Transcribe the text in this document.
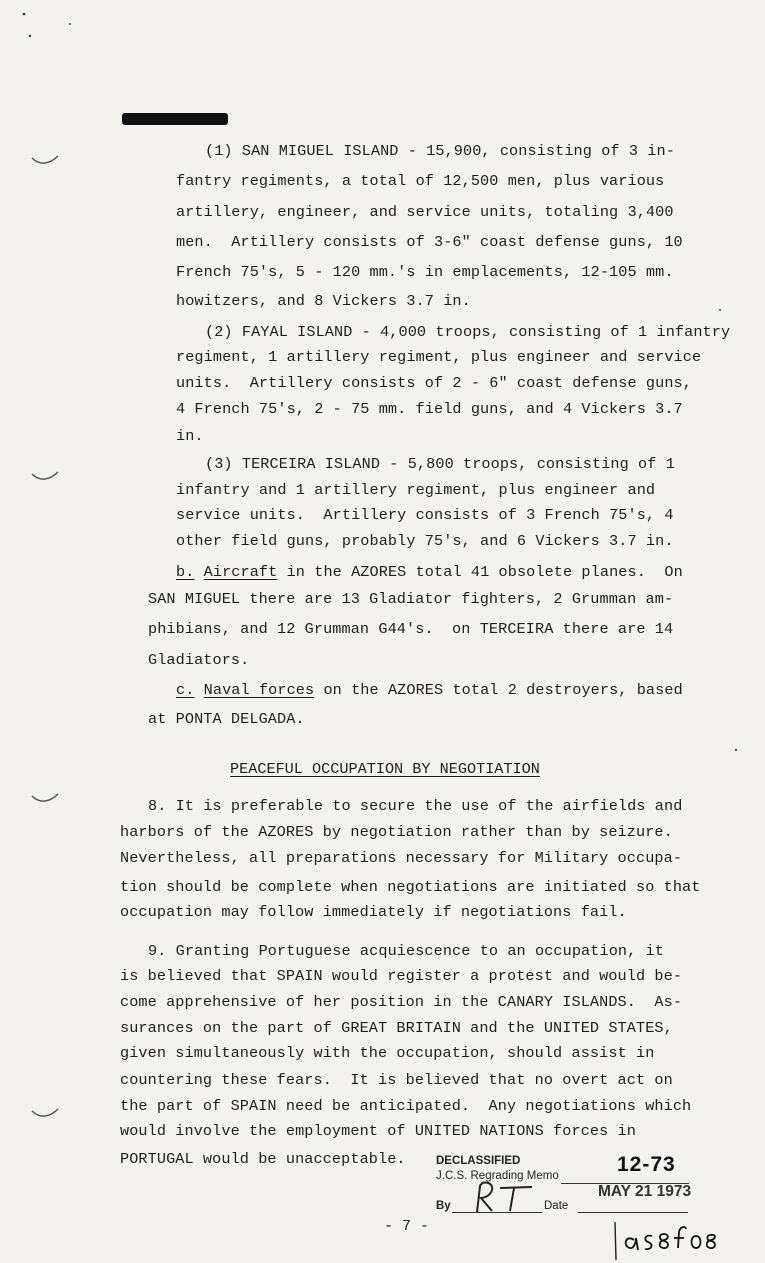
(1) SAN MIGUEL ISLAND - 15,900, consisting of 3 in-
fantry regiments, a total of 12,500 men, plus various
artillery, engineer, and service units, totaling 3,400
men.  Artillery consists of 3-6" coast defense guns, 10
French 75's, 5 - 120 mm.'s in emplacements, 12-105 mm.
howitzers, and 8 Vickers 3.7 in.
(2) FAYAL ISLAND - 4,000 troops, consisting of 1 infantry
regiment, 1 artillery regiment, plus engineer and service
units.  Artillery consists of 2 - 6" coast defense guns,
4 French 75's, 2 - 75 mm. field guns, and 4 Vickers 3.7
in.
(3) TERCEIRA ISLAND - 5,800 troops, consisting of 1
infantry and 1 artillery regiment, plus engineer and
service units.  Artillery consists of 3 French 75's, 4
other field guns, probably 75's, and 6 Vickers 3.7 in.
b. Aircraft in the AZORES total 41 obsolete planes.  On
SAN MIGUEL there are 13 Gladiator fighters, 2 Grumman am-
phibians, and 12 Grumman G44's.  on TERCEIRA there are 14
Gladiators.
c. Naval forces on the AZORES total 2 destroyers, based
at PONTA DELGADA.
PEACEFUL OCCUPATION BY NEGOTIATION
8. It is preferable to secure the use of the airfields and
harbors of the AZORES by negotiation rather than by seizure.
Nevertheless, all preparations necessary for Military occupa-
tion should be complete when negotiations are initiated so that
occupation may follow immediately if negotiations fail.
9. Granting Portuguese acquiescence to an occupation, it
is believed that SPAIN would register a protest and would be-
come apprehensive of her position in the CANARY ISLANDS.  As-
surances on the part of GREAT BRITAIN and the UNITED STATES,
given simultaneously with the occupation, should assist in
countering these fears.  It is believed that no overt act on
the part of SPAIN need be anticipated.  Any negotiations which
would involve the employment of UNITED NATIONS forces in
PORTUGAL would be unacceptable.	DECLASSIFIED
J.C.S. Regrading Memo	12-73
By	Date
MAY 21 1973
- 7 -	a58f08
